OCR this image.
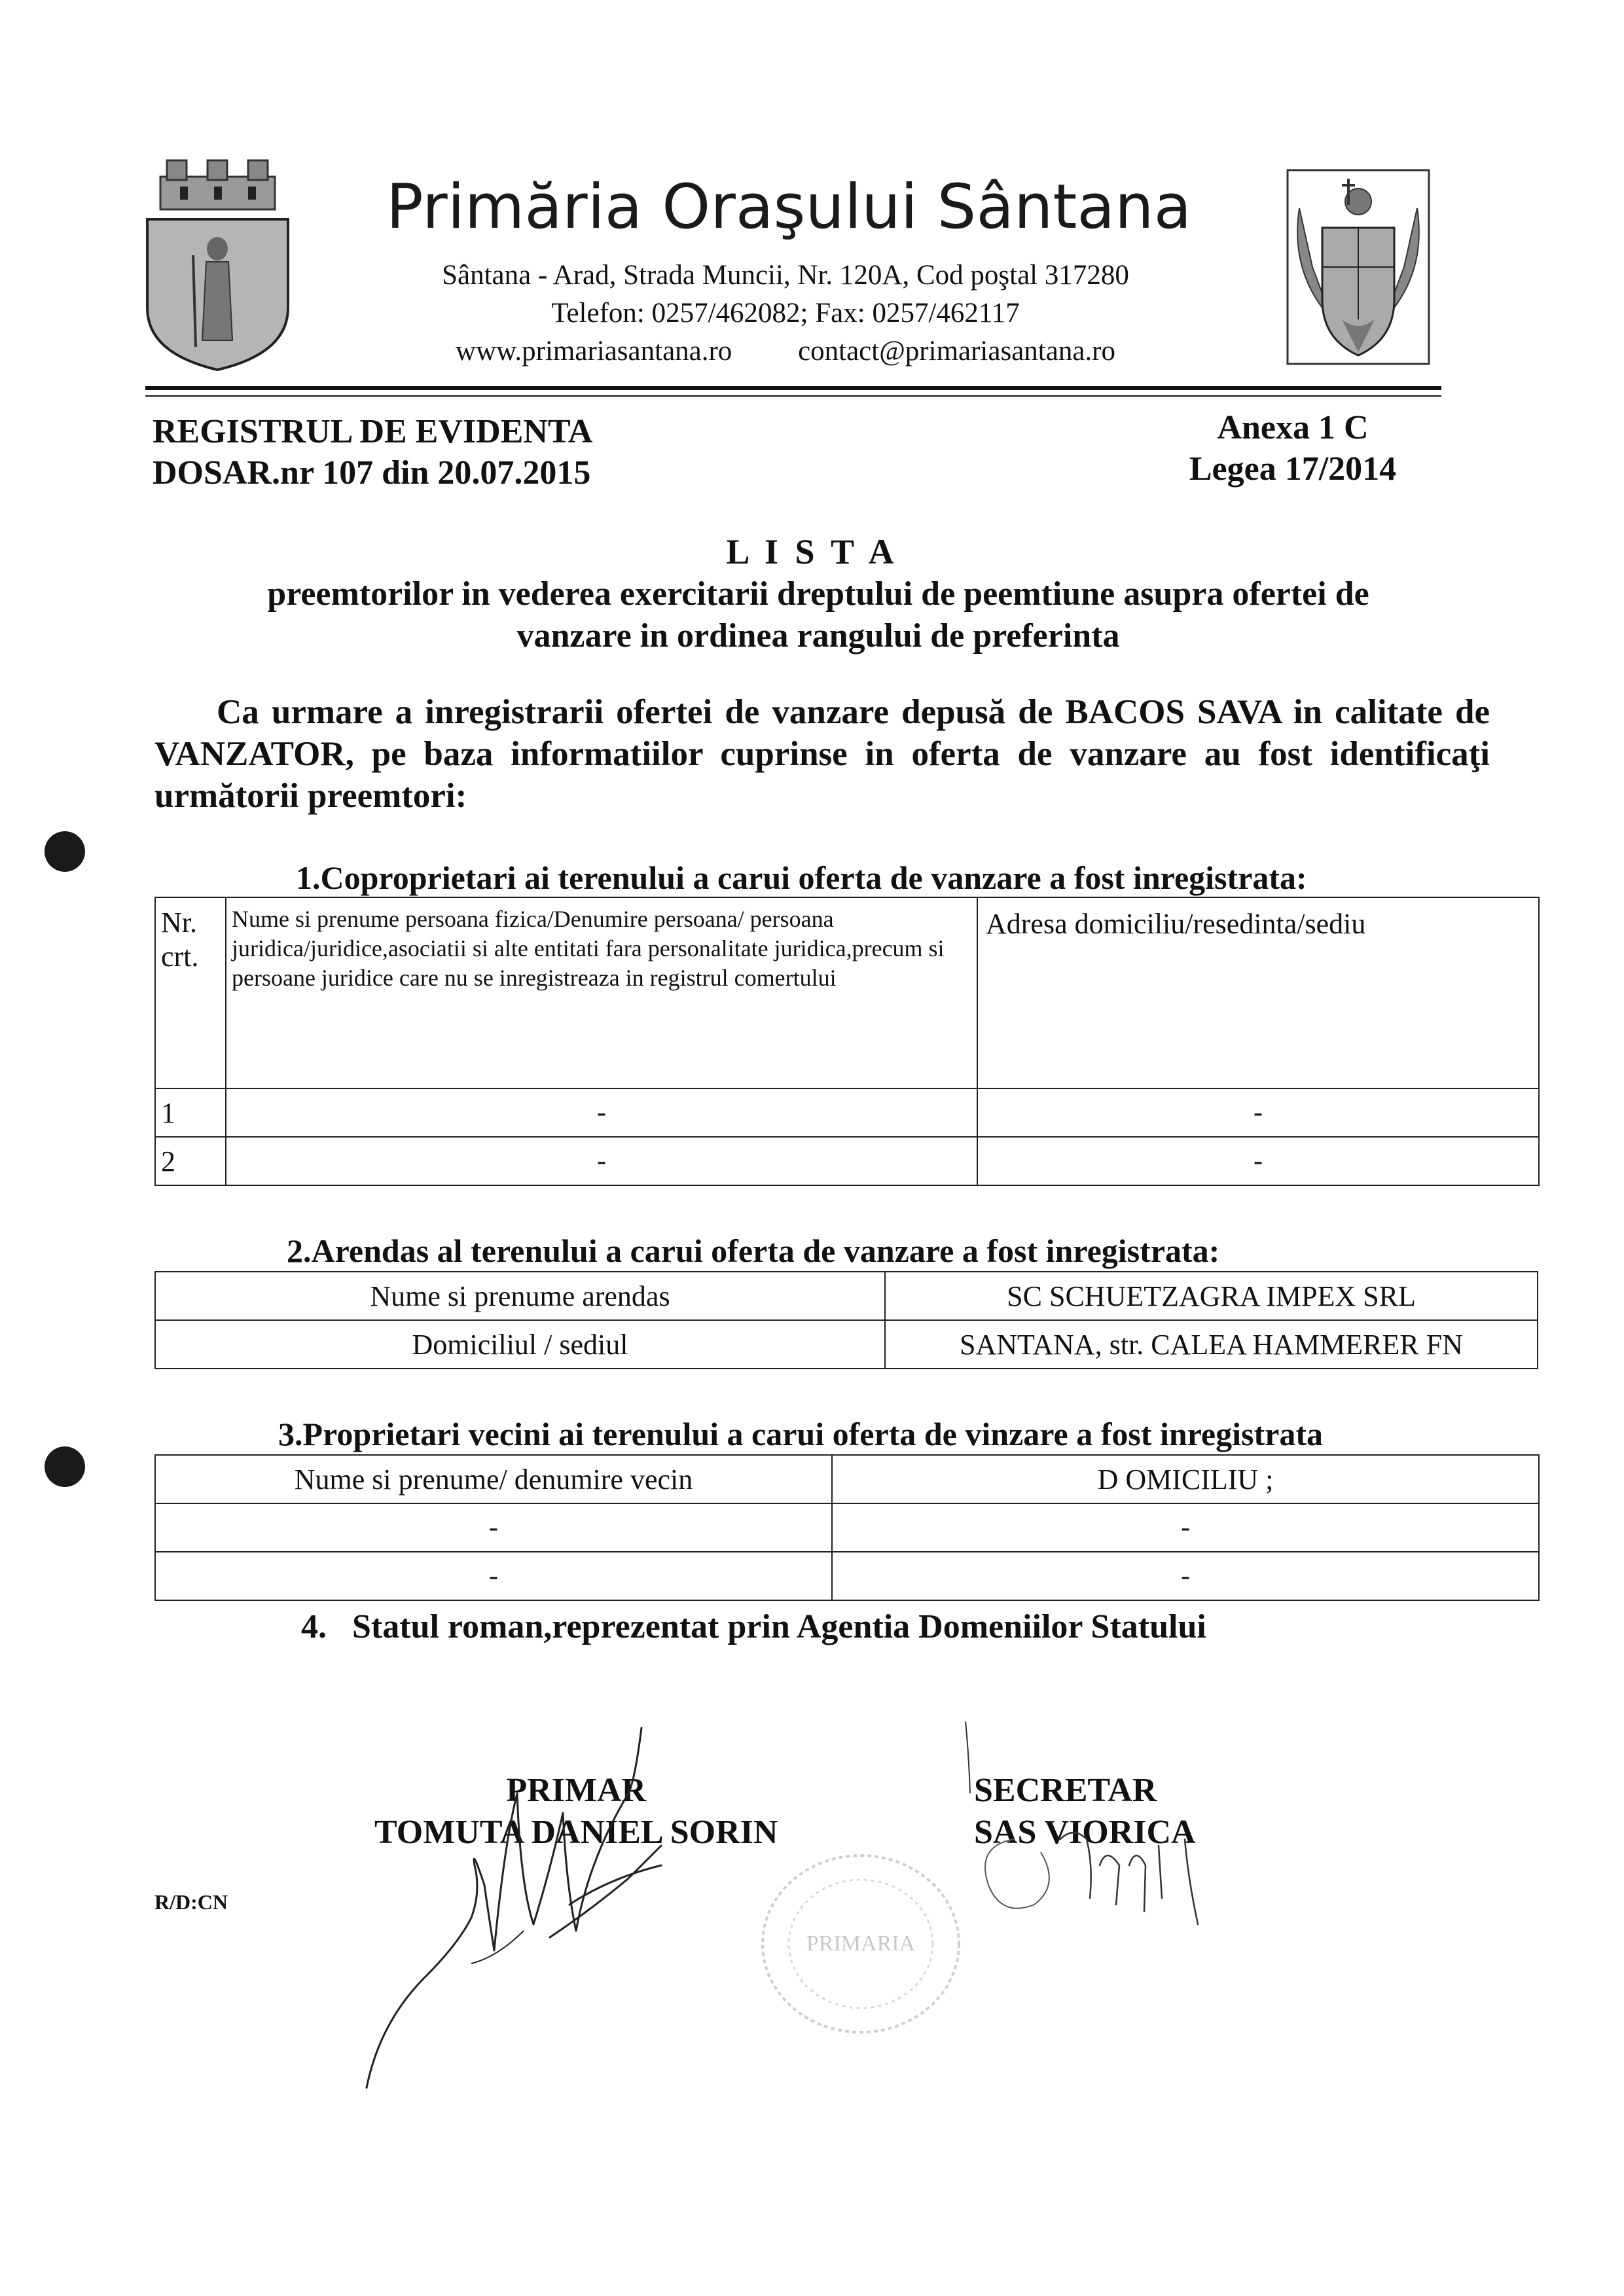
Primăria Oraşului Sântana
Sântana - Arad, Strada Muncii, Nr. 120A, Cod poştal 317280
Telefon: 0257/462082; Fax: 0257/462117
www.primariasantana.ro contact@primariasantana.ro
REGISTRUL DE EVIDENTA
DOSAR.nr 107 din 20.07.2015
Anexa 1 C
Legea 17/2014
L I S T A
preemtorilor in vederea exercitarii dreptului de peemtiune asupra ofertei de
vanzare in ordinea rangului de preferinta
Ca urmare a inregistrarii ofertei de vanzare depusă de BACOS SAVA in calitate de VANZATOR, pe baza informatiilor cuprinse in oferta de vanzare au fost identificaţi următorii preemtori:
1.Coproprietari ai terenului a carui oferta de vanzare a fost inregistrata:
Nr. crt.	Nume si prenume persoana fizica/Denumire persoana/ persoana juridica/juridice,asociatii si alte entitati fara personalitate juridica,precum si persoane juridice care nu se inregistreaza in registrul comertului	Adresa domiciliu/resedinta/sediu
1	-	-
2	-	-
2.Arendas al terenului a carui oferta de vanzare a fost inregistrata:
Nume si prenume arendas	SC SCHUETZAGRA IMPEX SRL
Domiciliul / sediul	SANTANA, str. CALEA HAMMERER FN
3.Proprietari vecini ai terenului a carui oferta de vinzare a fost inregistrata
Nume si prenume/ denumire vecin	D OMICILIU ;
-	-
-	-
4.   Statul roman,reprezentat prin Agentia Domeniilor Statului
PRIMAR
TOMUTA DANIEL SORIN
SECRETAR
SAS VIORICA
R/D:CN
PRIMARIA
